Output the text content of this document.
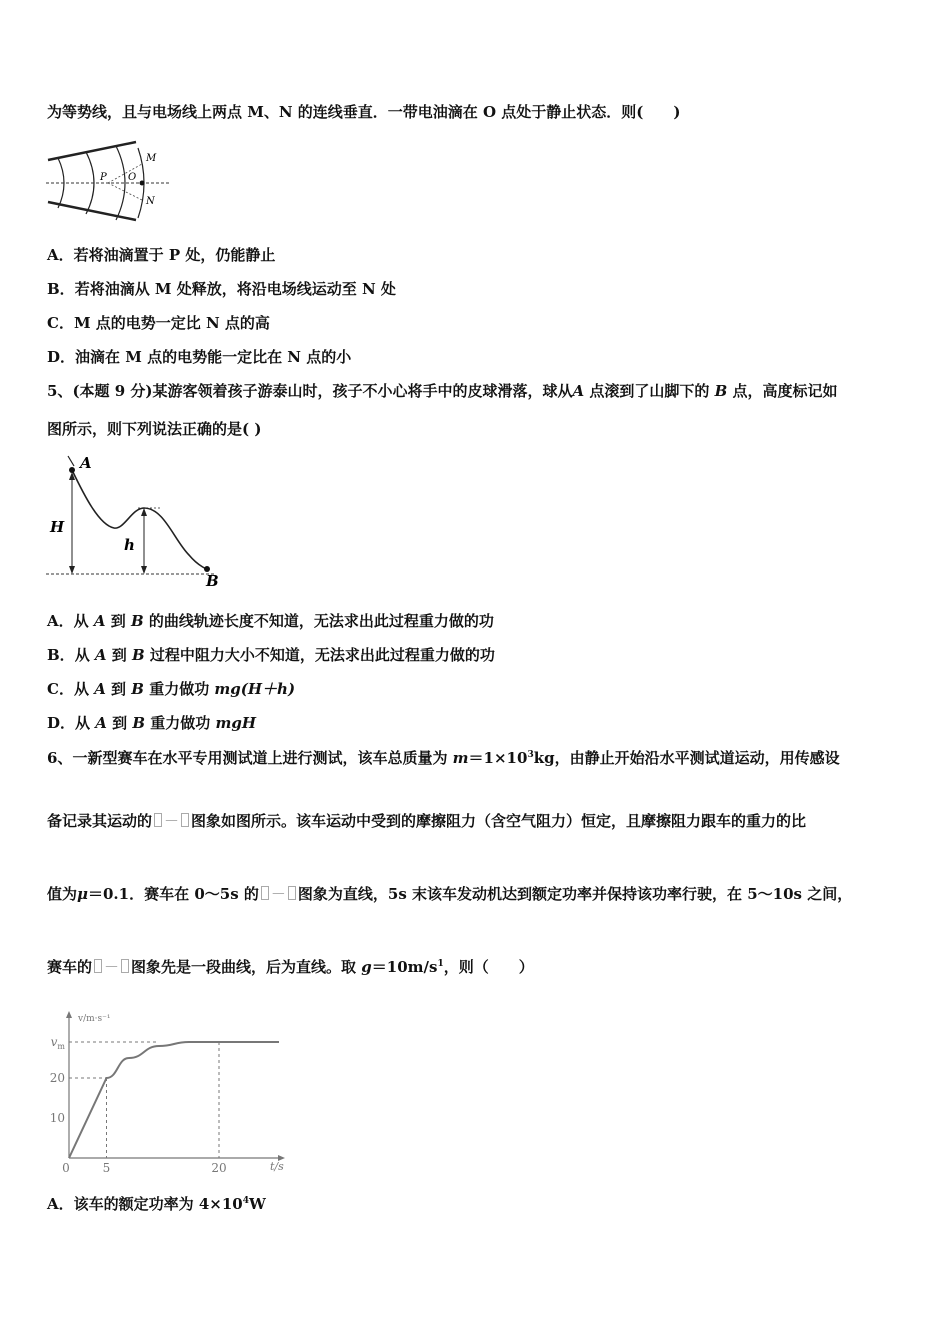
为等势线，且与电场线上两点 M、N 的连线垂直．一带电油滴在 O 点处于静止状态．则(　　)
M
P O
N
A．若将油滴置于 P 处，仍能静止
B．若将油滴从 M 处释放，将沿电场线运动至 N 处
C．M 点的电势一定比 N 点的高
D．油滴在 M 点的电势能一定比在 N 点的小
5、(本题 9 分)某游客领着孩子游泰山时，孩子不小心将手中的皮球滑落，球从A 点滚到了山脚下的 B 点，高度标记如
图所示，则下列说法正确的是( )
A
H
h
B
A．从 A 到 B 的曲线轨迹长度不知道，无法求出此过程重力做的功
B．从 A 到 B 过程中阻力大小不知道，无法求出此过程重力做的功
C．从 A 到 B 重力做功 mg(H＋h)
D．从 A 到 B 重力做功 mgH
6、一新型赛车在水平专用测试道上进行测试，该车总质量为 $m=1\times 10^3kg$，由静止开始沿水平测试道运动，用传感设
备记录其运动的 － 图象如图所示。该车运动中受到的摩擦阻力（含空气阻力）恒定，且摩擦阻力跟车的重力的比
值为μ＝0.1．赛车在 0～5s 的 － 图象为直线，5s 末该车发动机达到额定功率并保持该功率行驶，在 5～10s 之间，
赛车的 － 图象先是一段曲线，后为直线。取 $g=10m/s^1$，则（　　）
v/m·s⁻¹
t/s
$v_m$
20
10
0	5	20
A．该车的额定功率为 $4\times 10^4W$
